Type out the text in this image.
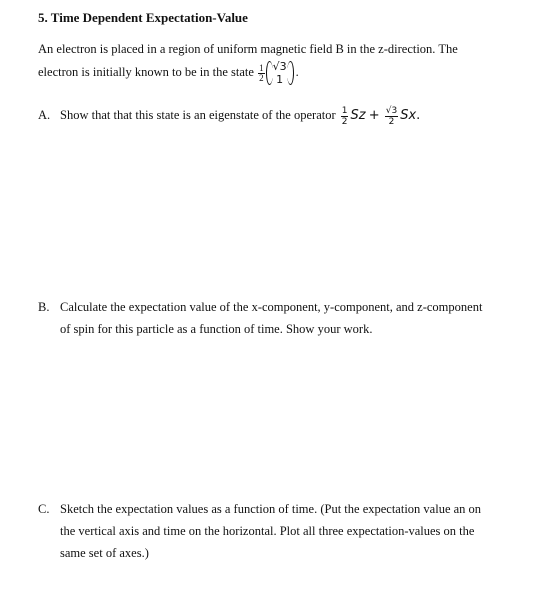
5. Time Dependent Expectation-Value
An electron is placed in a region of uniform magnetic field B in the z-direction. The
electron is initially known to be in the state $\frac{1}{2} √3$
1
.
A. Show that that this state is an eigenstate of the operator $\frac{1}{2}$ $Sz + \frac{√3}{2} Sx$.
B. Calculate the expectation value of the x-component, y-component, and z-component
of spin for this particle as a function of time. Show your work.
C. Sketch the expectation values as a function of time. (Put the expectation value an on
the vertical axis and time on the horizontal. Plot all three expectation-values on the
same set of axes.)
